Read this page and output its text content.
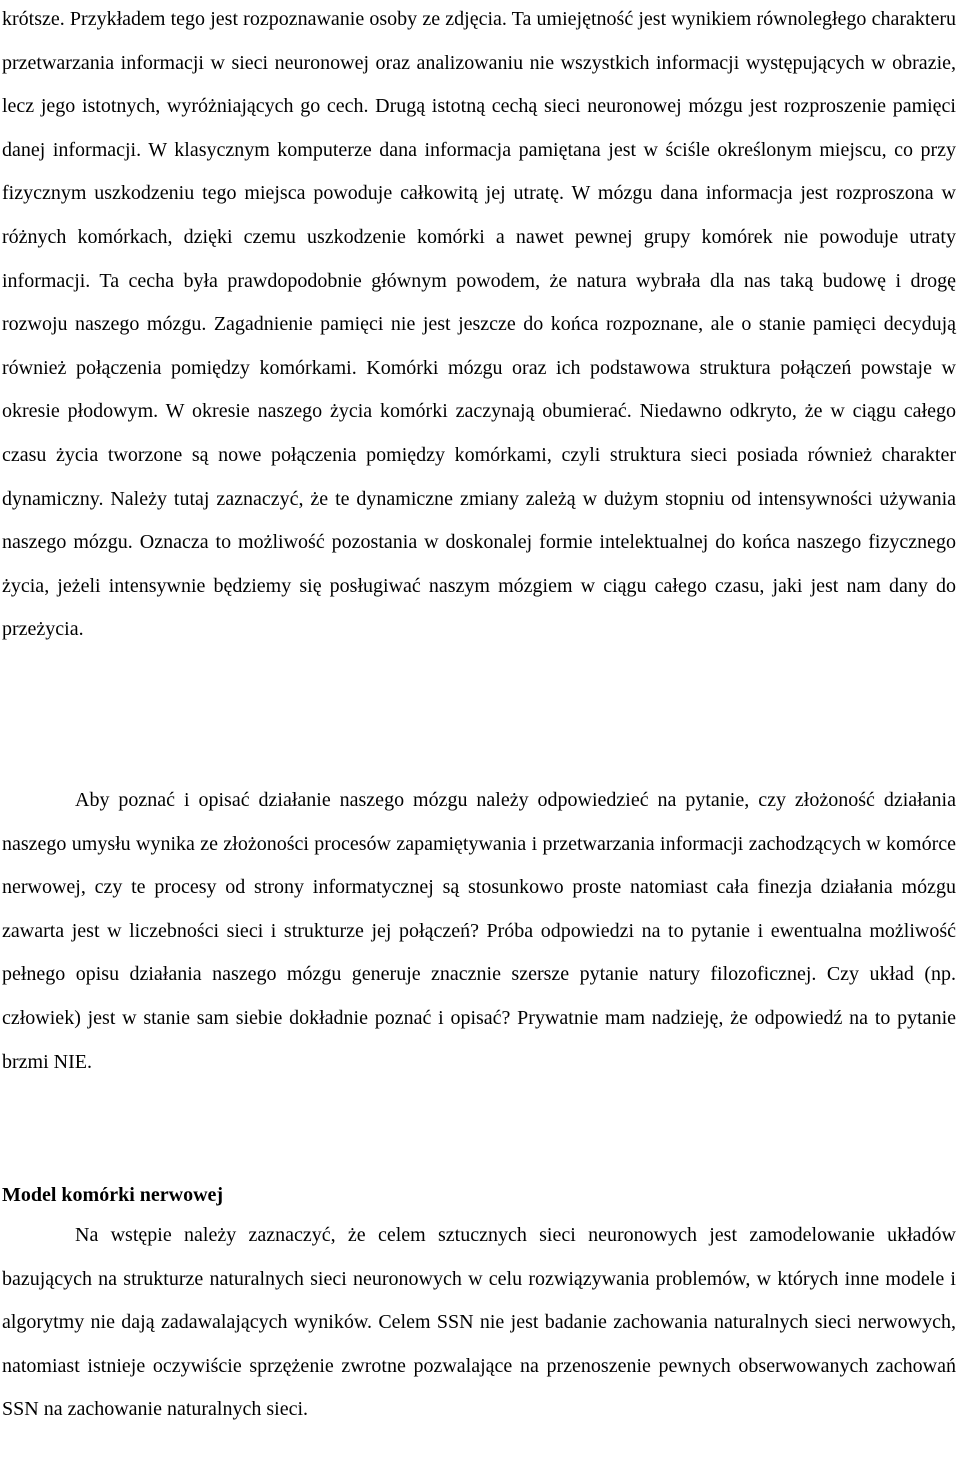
krótsze. Przykładem tego jest rozpoznawanie osoby ze zdjęcia. Ta umiejętność jest wynikiem równoległego charakteru przetwarzania informacji w sieci neuronowej oraz analizowaniu nie wszystkich informacji występujących w obrazie, lecz jego istotnych, wyróżniających go cech. Drugą istotną cechą sieci neuronowej mózgu jest rozproszenie pamięci danej informacji. W klasycznym komputerze dana informacja pamiętana jest w ściśle określonym miejscu, co przy fizycznym uszkodzeniu tego miejsca powoduje całkowitą jej utratę. W mózgu dana informacja jest rozproszona w różnych komórkach, dzięki czemu uszkodzenie komórki a nawet pewnej grupy komórek nie powoduje utraty informacji. Ta cecha była prawdopodobnie głównym powodem, że natura wybrała dla nas taką budowę i drogę rozwoju naszego mózgu. Zagadnienie pamięci nie jest jeszcze do końca rozpoznane, ale o stanie pamięci decydują również połączenia pomiędzy komórkami. Komórki mózgu oraz ich podstawowa struktura połączeń powstaje w okresie płodowym. W okresie naszego życia komórki zaczynają obumierać. Niedawno odkryto, że w ciągu całego czasu życia tworzone są nowe połączenia pomiędzy komórkami, czyli struktura sieci posiada również charakter dynamiczny. Należy tutaj zaznaczyć, że te dynamiczne zmiany zależą w dużym stopniu od intensywności używania naszego mózgu. Oznacza to możliwość pozostania w doskonalej formie intelektualnej do końca naszego fizycznego życia, jeżeli intensywnie będziemy się posługiwać naszym mózgiem w ciągu całego czasu, jaki jest nam dany do przeżycia.

Aby poznać i opisać działanie naszego mózgu należy odpowiedzieć na pytanie, czy złożoność działania naszego umysłu wynika ze złożoności procesów zapamiętywania i przetwarzania informacji zachodzących w komórce nerwowej, czy te procesy od strony informatycznej są stosunkowo proste natomiast cała finezja działania mózgu zawarta jest w liczebności sieci i strukturze jej połączeń? Próba odpowiedzi na to pytanie i ewentualna możliwość pełnego opisu działania naszego mózgu generuje znacznie szersze pytanie natury filozoficznej. Czy układ (np. człowiek) jest w stanie sam siebie dokładnie poznać i opisać? Prywatnie mam nadzieję, że odpowiedź na to pytanie brzmi NIE.

Model komórki nerwowej

Na wstępie należy zaznaczyć, że celem sztucznych sieci neuronowych jest zamodelowanie układów bazujących na strukturze naturalnych sieci neuronowych w celu rozwiązywania problemów, w których inne modele i algorytmy nie dają zadawalających wyników. Celem SSN nie jest badanie zachowania naturalnych sieci nerwowych, natomiast istnieje oczywiście sprzężenie zwrotne pozwalające na przenoszenie pewnych obserwowanych zachowań SSN na zachowanie naturalnych sieci.
